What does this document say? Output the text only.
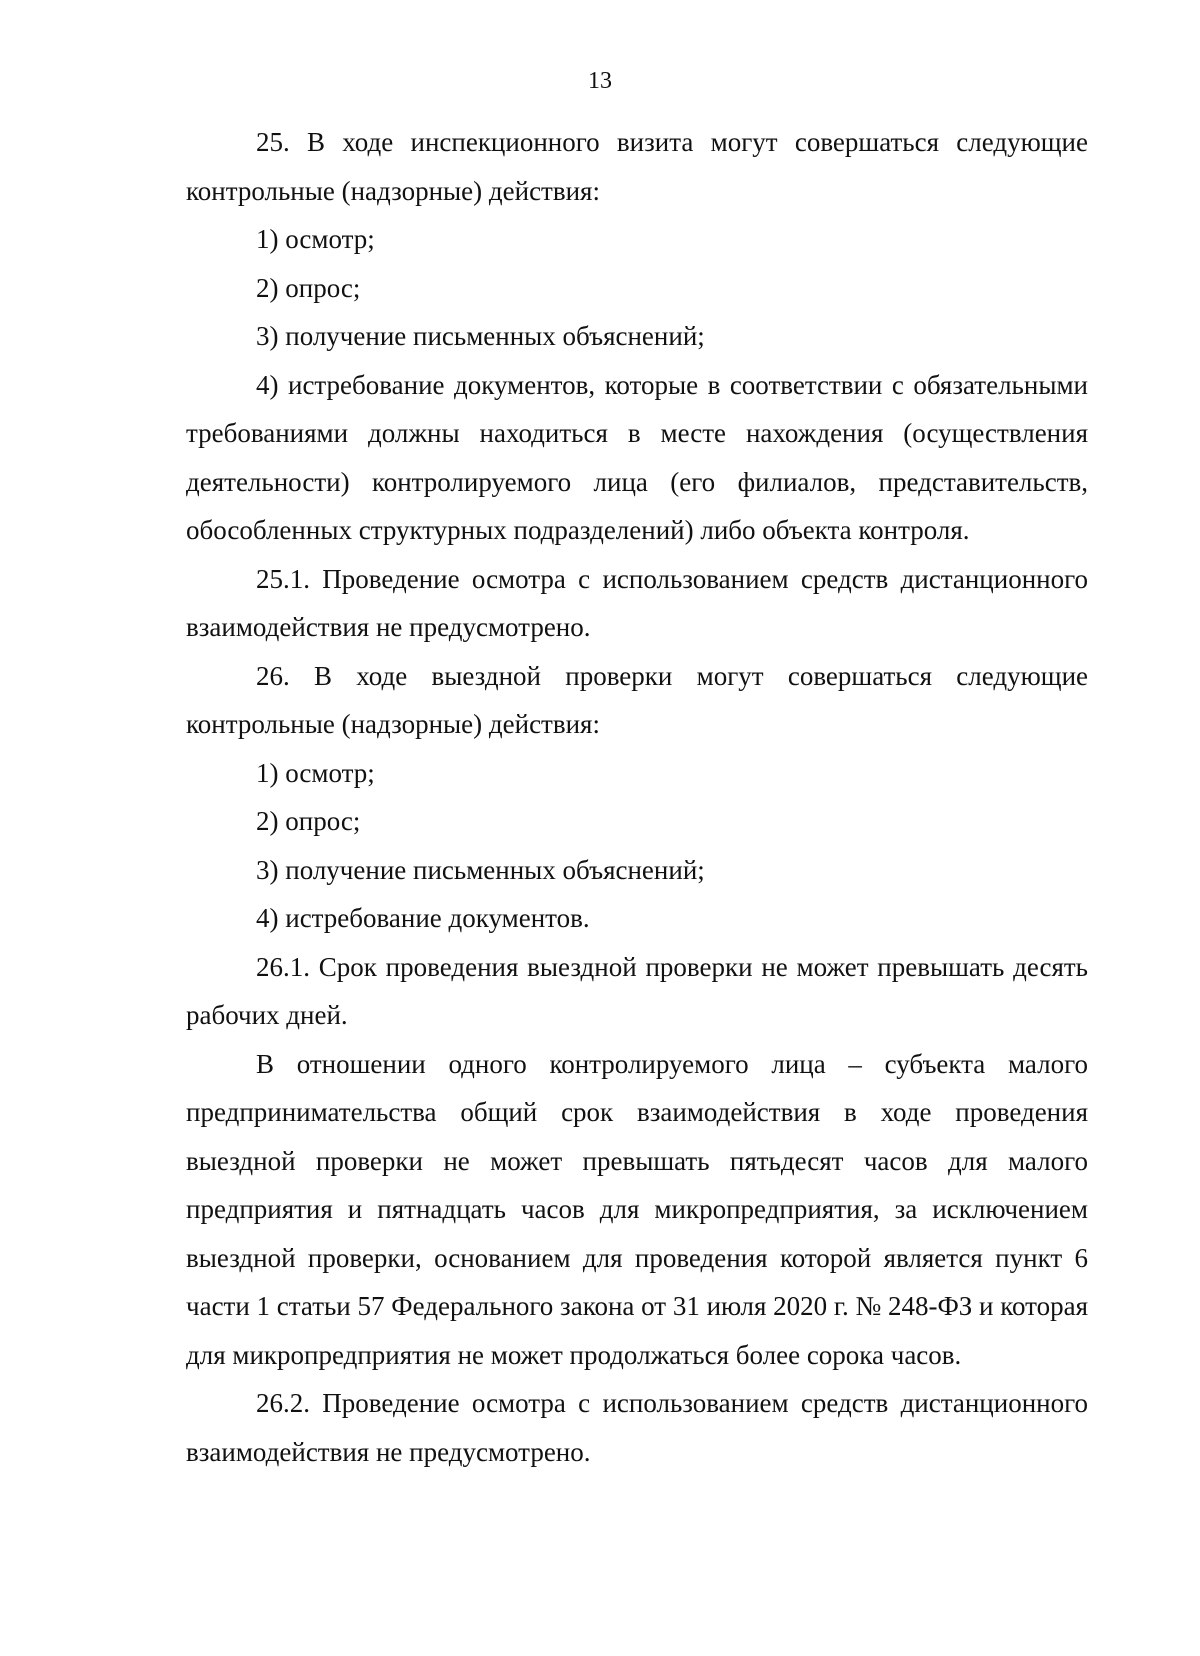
13

25. В ходе инспекционного визита могут совершаться следующие контрольные (надзорные) действия:

1) осмотр;

2) опрос;

3) получение письменных объяснений;

4) истребование документов, которые в соответствии с обязательными требованиями должны находиться в месте нахождения (осуществления деятельности) контролируемого лица (его филиалов, представительств, обособленных структурных подразделений) либо объекта контроля.

25.1. Проведение осмотра с использованием средств дистанционного взаимодействия не предусмотрено.

26. В ходе выездной проверки могут совершаться следующие контрольные (надзорные) действия:

1) осмотр;

2) опрос;

3) получение письменных объяснений;

4) истребование документов.

26.1. Срок проведения выездной проверки не может превышать десять рабочих дней.

В отношении одного контролируемого лица – субъекта малого предпринимательства общий срок взаимодействия в ходе проведения выездной проверки не может превышать пятьдесят часов для малого предприятия и пятнадцать часов для микропредприятия, за исключением выездной проверки, основанием для проведения которой является пункт 6 части 1 статьи 57 Федерального закона от 31 июля 2020 г. № 248-ФЗ и которая для микропредприятия не может продолжаться более сорока часов.

26.2. Проведение осмотра с использованием средств дистанционного взаимодействия не предусмотрено.
